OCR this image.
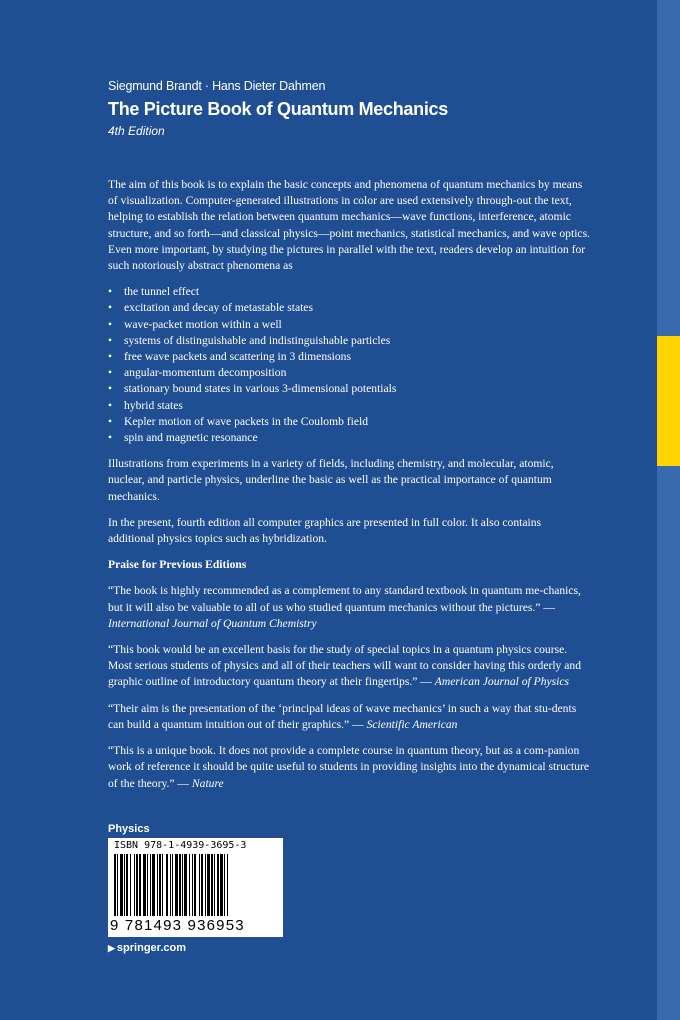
Siegmund Brandt · Hans Dieter Dahmen

The Picture Book of Quantum Mechanics

4th Edition

The aim of this book is to explain the basic concepts and phenomena of quantum mechanics by means of visualization. Computer-generated illustrations in color are used extensively through-out the text, helping to establish the relation between quantum mechanics—wave functions, interference, atomic structure, and so forth—and classical physics—point mechanics, statistical mechanics, and wave optics. Even more important, by studying the pictures in parallel with the text, readers develop an intuition for such notoriously abstract phenomena as

• the tunnel effect
• excitation and decay of metastable states
• wave-packet motion within a well
• systems of distinguishable and indistinguishable particles
• free wave packets and scattering in 3 dimensions
• angular-momentum decomposition
• stationary bound states in various 3-dimensional potentials
• hybrid states
• Kepler motion of wave packets in the Coulomb field
• spin and magnetic resonance

Illustrations from experiments in a variety of fields, including chemistry, and molecular, atomic, nuclear, and particle physics, underline the basic as well as the practical importance of quantum mechanics.

In the present, fourth edition all computer graphics are presented in full color. It also contains additional physics topics such as hybridization.

Praise for Previous Editions

“The book is highly recommended as a complement to any standard textbook in quantum me-chanics, but it will also be valuable to all of us who studied quantum mechanics without the pictures.” — International Journal of Quantum Chemistry

“This book would be an excellent basis for the study of special topics in a quantum physics course. Most serious students of physics and all of their teachers will want to consider having this orderly and graphic outline of introductory quantum theory at their fingertips.” — American Journal of Physics

“Their aim is the presentation of the ‘principal ideas of wave mechanics’ in such a way that stu-dents can build a quantum intuition out of their graphics.” — Scientific American

“This is a unique book. It does not provide a complete course in quantum theory, but as a com-panion work of reference it should be quite useful to students in providing insights into the dynamical structure of the theory.” — Nature

Physics

ISBN 978-1-4939-3695-3
9 781493 936953
▶ springer.com
